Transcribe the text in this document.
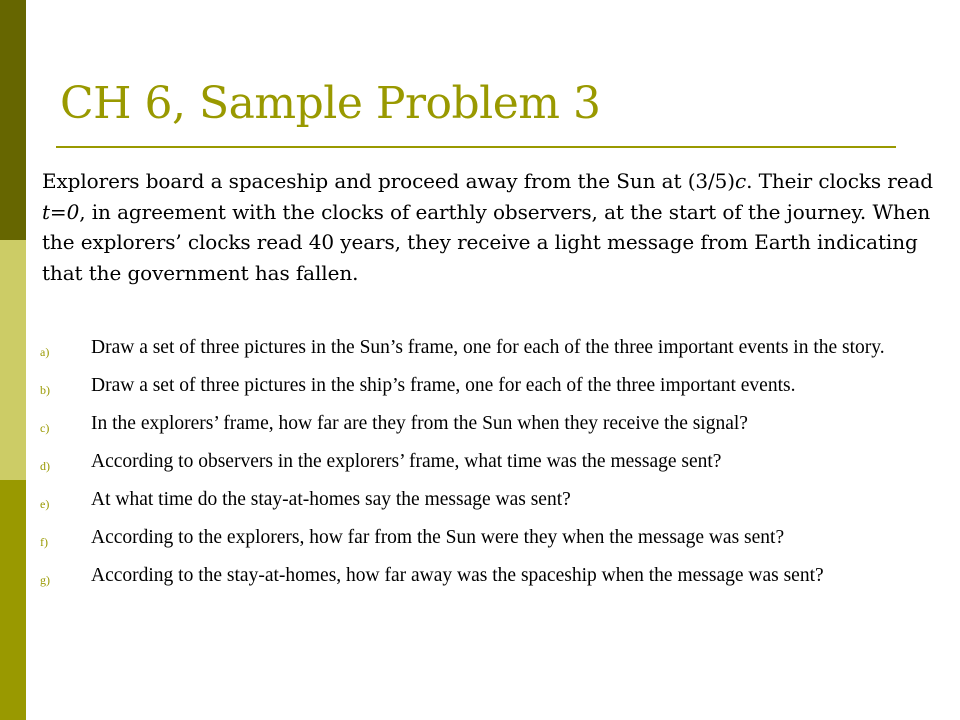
CH 6, Sample Problem 3

Explorers board a spaceship and proceed away from the Sun at (3/5)c. Their clocks read t=0, in agreement with the clocks of earthly observers, at the start of the journey. When the explorers’ clocks read 40 years, they receive a light message from Earth indicating that the government has fallen.

a)	Draw a set of three pictures in the Sun’s frame, one for each of the three important events in the story.
b)	Draw a set of three pictures in the ship’s frame, one for each of the three important events.
c)	In the explorers’ frame, how far are they from the Sun when they receive the signal?
d)	According to observers in the explorers’ frame, what time was the message sent?
e)	At what time do the stay-at-homes say the message was sent?
f)	According to the explorers, how far from the Sun were they when the message was sent?
g)	According to the stay-at-homes, how far away was the spaceship when the message was sent?
